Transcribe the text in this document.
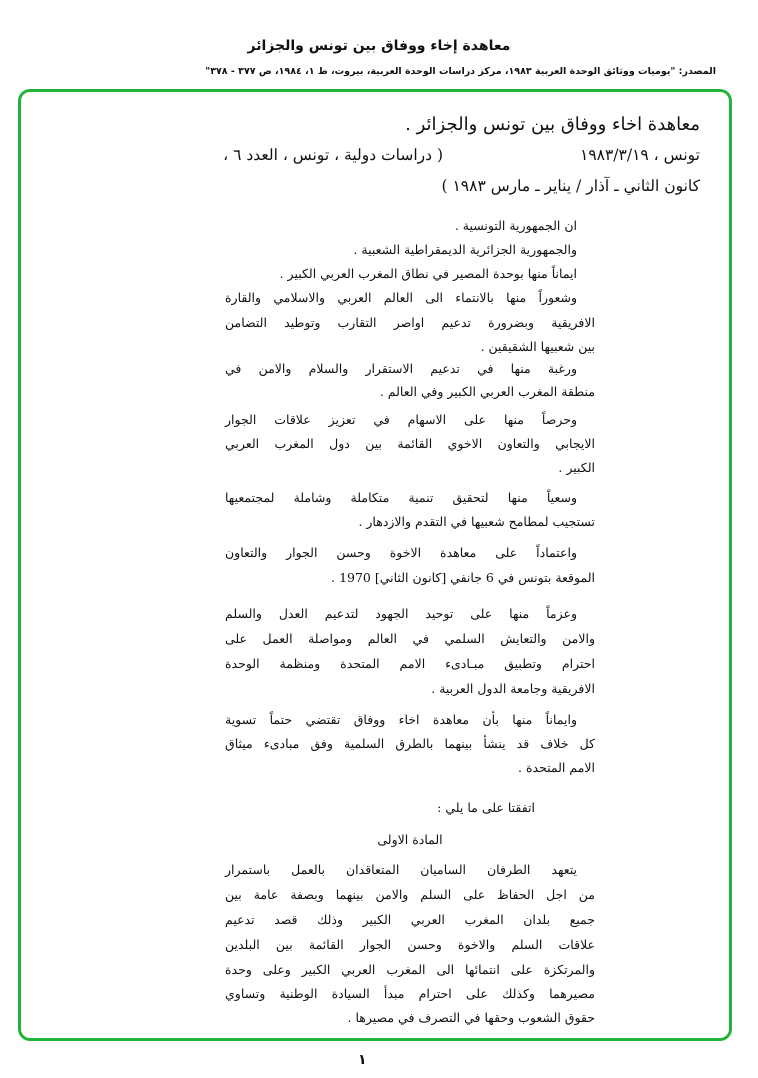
معاهدة إخاء ووفاق بين تونس والجزائر
المصدر: "يوميات ووثائق الوحدة العربية ١٩٨٣، مركز دراسات الوحدة العربية، بيروت، ط ١، ١٩٨٤، ص ٣٧٧ - ٣٧٨"
معاهدة اخاء ووفاق بين تونس والجزائر .
تونس ، ١٩٨٣/٣/١٩
( دراسات دولية ، تونس ، العدد ٦ ،
كانون الثاني ـ آذار / يناير ـ مارس ١٩٨٣ )
ان الجمهورية التونسية .
والجمهورية الجزائرية الديمقراطية الشعبية .
ايماناً منها بوحدة المصير في نطاق المغرب العربي الكبير .
وشعوراً منها بالانتماء الى العالم العربي والاسلامي والقارة
الافريقية وبضرورة تدعيم اواصر التقارب وتوطيد التضامن
بين شعبيها الشقيقين .
ورغبة منها في تدعيم الاستقرار والسلام والامن في
منطقة المغرب العربي الكبير وفي العالم .
وحرصاً منها على الاسهام في تعزيز علاقات الجوار
الايجابي والتعاون الاخوي القائمة بين دول المغرب العربي
الكبير .
وسعياً منها لتحقيق تنمية متكاملة وشاملة لمجتمعيها
تستجيب لمطامح شعبيها في التقدم والازدهار .
واعتماداً على معاهدة الاخوة وحسن الجوار والتعاون
الموقعة بتونس في 6 جانفي [كانون الثاني] 1970 .
وعزماً منها على توحيد الجهود لتدعيم العدل والسلم
والامن والتعايش السلمي في العالم ومواصلة العمل على
احترام وتطبيق مبـادىء الامم المتحدة ومنظمة الوحدة
الافريقية وجامعة الدول العربية .
وايماناً منها بأن معاهدة اخاء ووفاق تقتضي حتماً تسوية
كل خلاف قد ينشأ بينهما بالطرق السلمية وفق مبادىء ميثاق
الامم المتحدة .
اتفقتا على ما يلي :
المادة الاولى
يتعهد الطرفان الساميان المتعاقدان بالعمل باستمرار
من اجل الحفاظ على السلم والامن بينهما وبصفة عامة بين
جميع بلدان المغرب العربي الكبير وذلك قصد تدعيم
علاقات السلم والاخوة وحسن الجوار القائمة بين البلدين
والمرتكزة على انتمائها الى المغرب العربي الكبير وعلى وحدة
مصيرهما وكذلك على احترام مبدأ السيادة الوطنية وتساوي
حقوق الشعوب وحقها في التصرف في مصيرها .
١
